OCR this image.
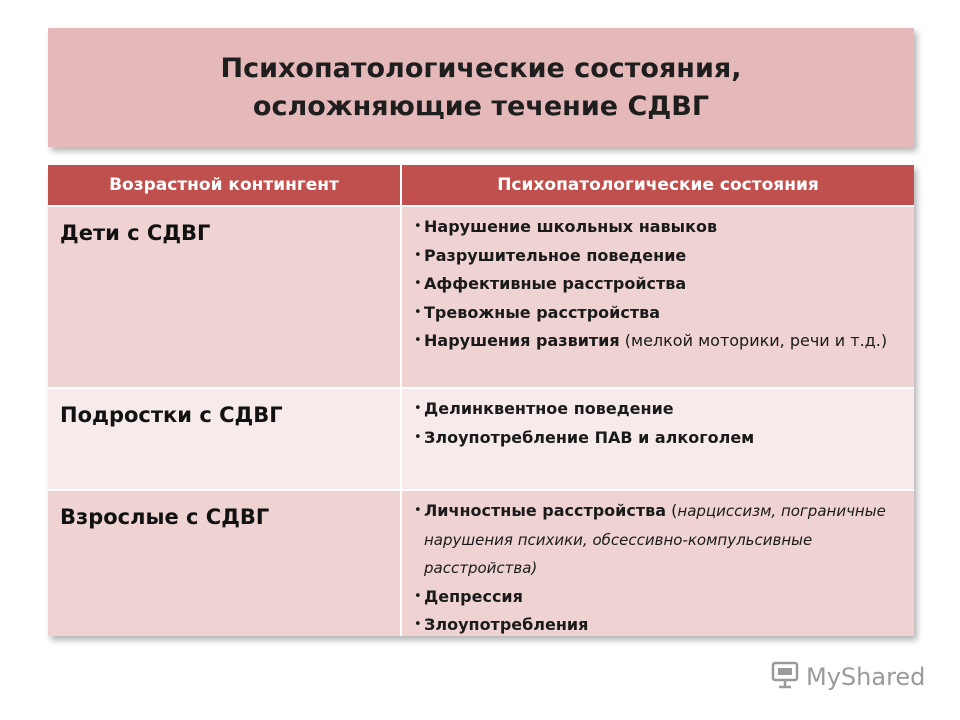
Психопатологические состояния,
осложняющие течение СДВГ
Возрастной контингент	Психопатологические состояния
Дети с СДВГ	• Нарушение школьных навыков
• Разрушительное поведение
• Аффективные расстройства
• Тревожные расстройства
• Нарушения развития (мелкой моторики, речи и т.д.)
Подростки с СДВГ	• Делинквентное поведение
• Злоупотребление ПАВ и алкоголем
Взрослые с СДВГ	• Личностные расстройства (нарциссизм, пограничные нарушения психики, обсессивно-компульсивные расстройства)
• Депрессия
• Злоупотребления
MyShared
